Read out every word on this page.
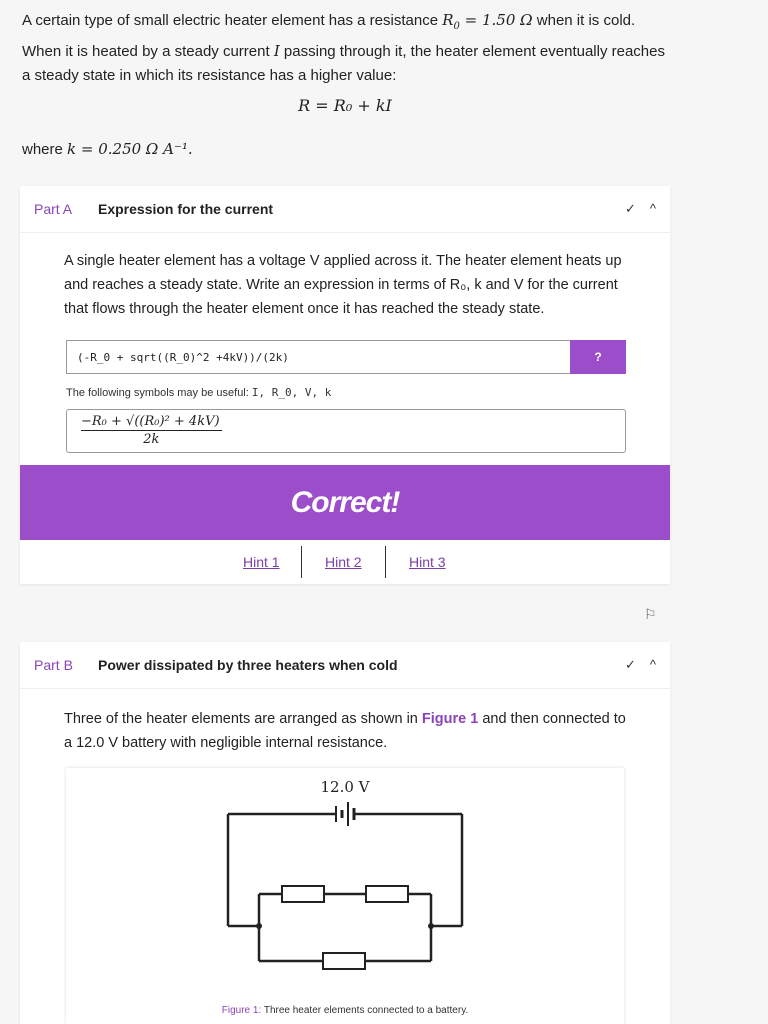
A certain type of small electric heater element has a resistance $R_0 = 1.50$ Ω when it is cold. When it is heated by a steady current I passing through it, the heater element eventually reaches a steady state in which its resistance has a higher value:
R = R₀ + kI
where k = 0.250 Ω A⁻¹.
Part A	Expression for the current	✓ ^
A single heater element has a voltage V applied across it. The heater element heats up and reaches a steady state. Write an expression in terms of R₀, k and V for the current that flows through the heater element once it has reached the steady state.
(-R_0 + sqrt((R_0)^2 +4kV))/(2k)	?
The following symbols may be useful: I, R_0, V, k
$\frac{\text{−R₀ + √((R₀)² + 4kV)}}{2k}$
Correct!
Hint 1	Hint 2	Hint 3
⚐
Part B	Power dissipated by three heaters when cold	✓ ^
Three of the heater elements are arranged as shown in Figure 1 and then connected to a 12.0 V battery with negligible internal resistance.
12.0 V
Figure 1: Three heater elements connected to a battery.
